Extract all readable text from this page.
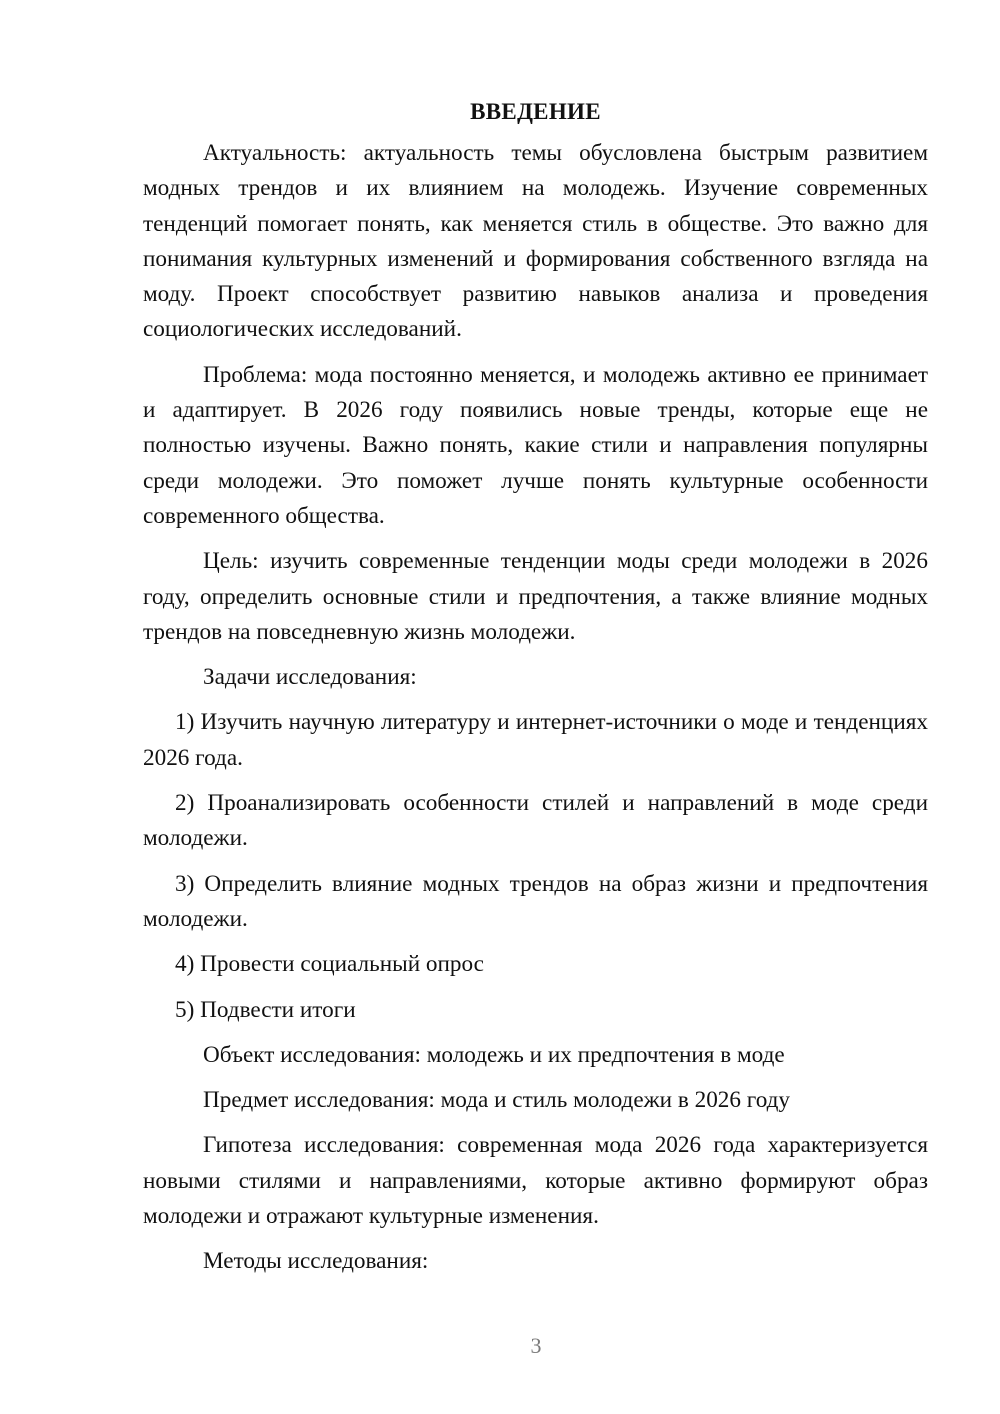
ВВЕДЕНИЕ

Актуальность: актуальность темы обусловлена быстрым развитием модных трендов и их влиянием на молодежь. Изучение современных тенденций помогает понять, как меняется стиль в обществе. Это важно для понимания культурных изменений и формирования собственного взгляда на моду. Проект способствует развитию навыков анализа и проведения социологических исследований.

Проблема: мода постоянно меняется, и молодежь активно ее принимает и адаптирует. В 2026 году появились новые тренды, которые еще не полностью изучены. Важно понять, какие стили и направления популярны среди молодежи. Это поможет лучше понять культурные особенности современного общества.

Цель: изучить современные тенденции моды среди молодежи в 2026 году, определить основные стили и предпочтения, а также влияние модных трендов на повседневную жизнь молодежи.

Задачи исследования:

1) Изучить научную литературу и интернет-источники о моде и тенденциях 2026 года.

2) Проанализировать особенности стилей и направлений в моде среди молодежи.

3) Определить влияние модных трендов на образ жизни и предпочтения молодежи.

4) Провести социальный опрос

5) Подвести итоги

Объект исследования: молодежь и их предпочтения в моде

Предмет исследования: мода и стиль молодежи в 2026 году

Гипотеза исследования: современная мода 2026 года характеризуется новыми стилями и направлениями, которые активно формируют образ молодежи и отражают культурные изменения.

Методы исследования:

3
